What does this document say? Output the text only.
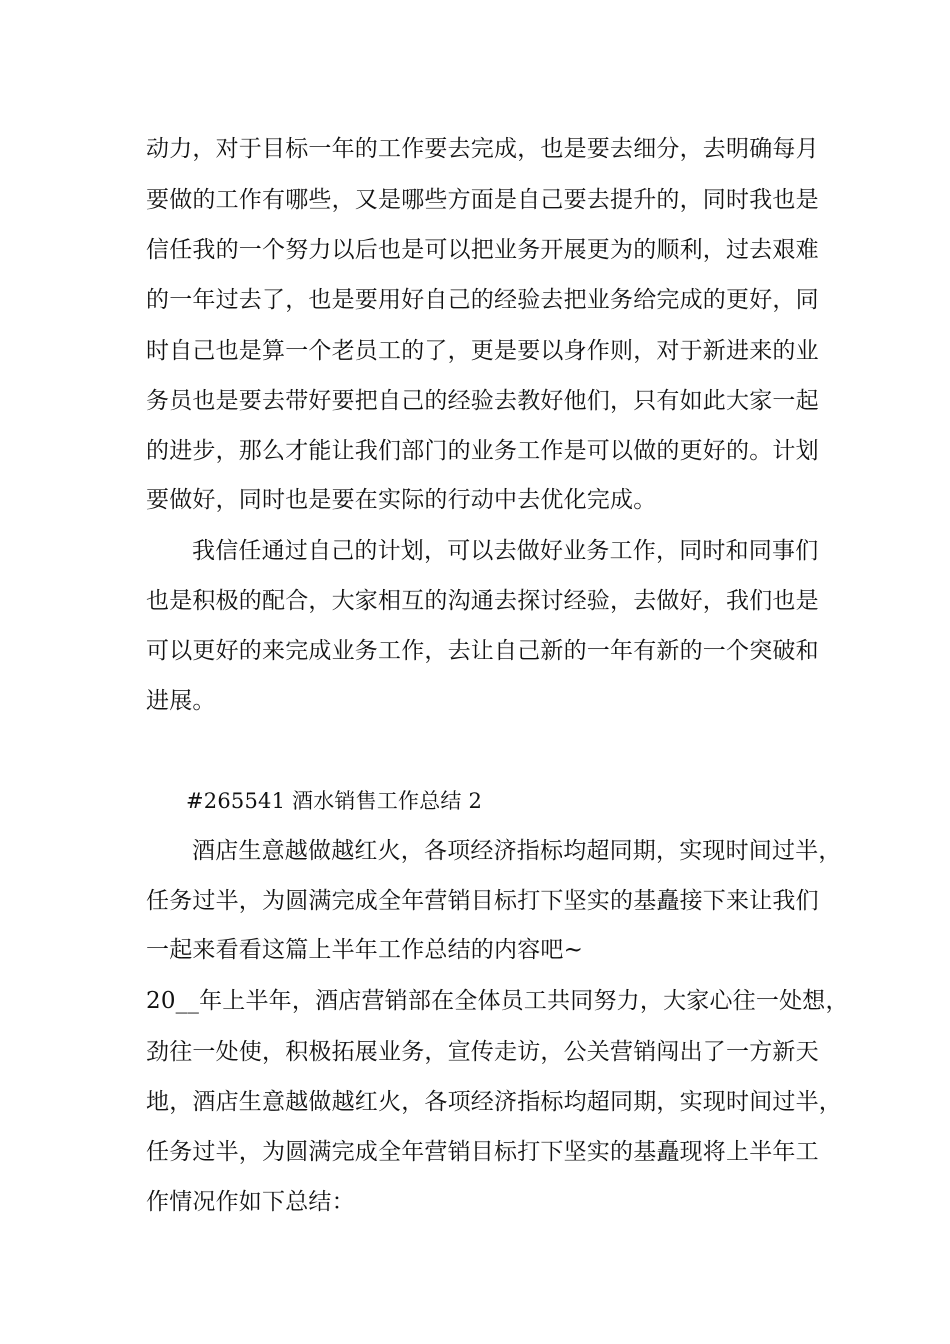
动力，对于目标一年的工作要去完成，也是要去细分，去明确每月
要做的工作有哪些，又是哪些方面是自己要去提升的，同时我也是
信任我的一个努力以后也是可以把业务开展更为的顺利，过去艰难
的一年过去了，也是要用好自己的经验去把业务给完成的更好，同
时自己也是算一个老员工的了，更是要以身作则，对于新进来的业
务员也是要去带好要把自己的经验去教好他们，只有如此大家一起
的进步，那么才能让我们部门的业务工作是可以做的更好的。计划
要做好，同时也是要在实际的行动中去优化完成。
我信任通过自己的计划，可以去做好业务工作，同时和同事们
也是积极的配合，大家相互的沟通去探讨经验，去做好，我们也是
可以更好的来完成业务工作，去让自己新的一年有新的一个突破和
进展。
#265541 酒水销售工作总结 2
酒店生意越做越红火，各项经济指标均超同期，实现时间过半，
任务过半，为圆满完成全年营销目标打下坚实的基矗接下来让我们
一起来看看这篇上半年工作总结的内容吧~
20__年上半年，酒店营销部在全体员工共同努力，大家心往一处想，
劲往一处使，积极拓展业务，宣传走访，公关营销闯出了一方新天
地，酒店生意越做越红火，各项经济指标均超同期，实现时间过半，
任务过半，为圆满完成全年营销目标打下坚实的基矗现将上半年工
作情况作如下总结：
